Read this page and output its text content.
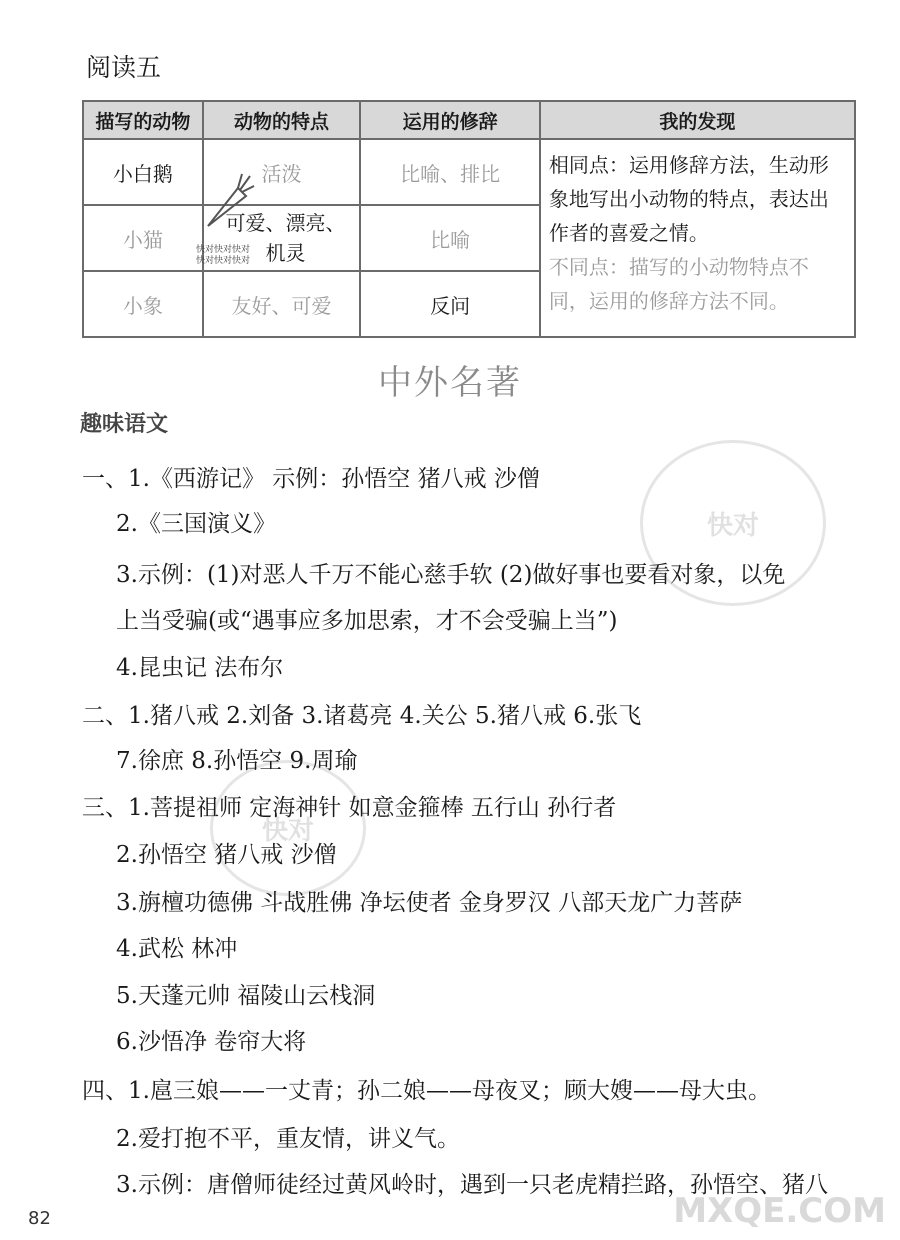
阅读五
描写的动物	动物的特点	运用的修辞	我的发现
小白鹅	活泼	比喻、排比	相同点：运用修辞方法，生动形象地写出小动物的特点，表达出作者的喜爱之情。
不同点：描写的小动物特点不同，运用的修辞方法不同。

小猫	可爱、漂亮、机灵	比喻	
小象	友好、可爱	反问	
快对快对快对
快对快对快对
中外名著
趣味语文
快对
快对
一、1.《西游记》 示例：孙悟空 猪八戒 沙僧
2.《三国演义》
3.示例：(1)对恶人千万不能心慈手软 (2)做好事也要看对象，以免
上当受骗(或“遇事应多加思索，才不会受骗上当”)
4.昆虫记 法布尔
二、1.猪八戒 2.刘备 3.诸葛亮 4.关公 5.猪八戒 6.张飞
7.徐庶 8.孙悟空 9.周瑜
三、1.菩提祖师 定海神针 如意金箍棒 五行山 孙行者
2.孙悟空 猪八戒 沙僧
3.旃檀功德佛 斗战胜佛 净坛使者 金身罗汉 八部天龙广力菩萨
4.武松 林冲
5.天蓬元帅 福陵山云栈洞
6.沙悟净 卷帘大将
四、1.扈三娘——一丈青；孙二娘——母夜叉；顾大嫂——母大虫。
2.爱打抱不平，重友情，讲义气。
3.示例：唐僧师徒经过黄风岭时，遇到一只老虎精拦路，孙悟空、猪八
82	MXQE.COM
